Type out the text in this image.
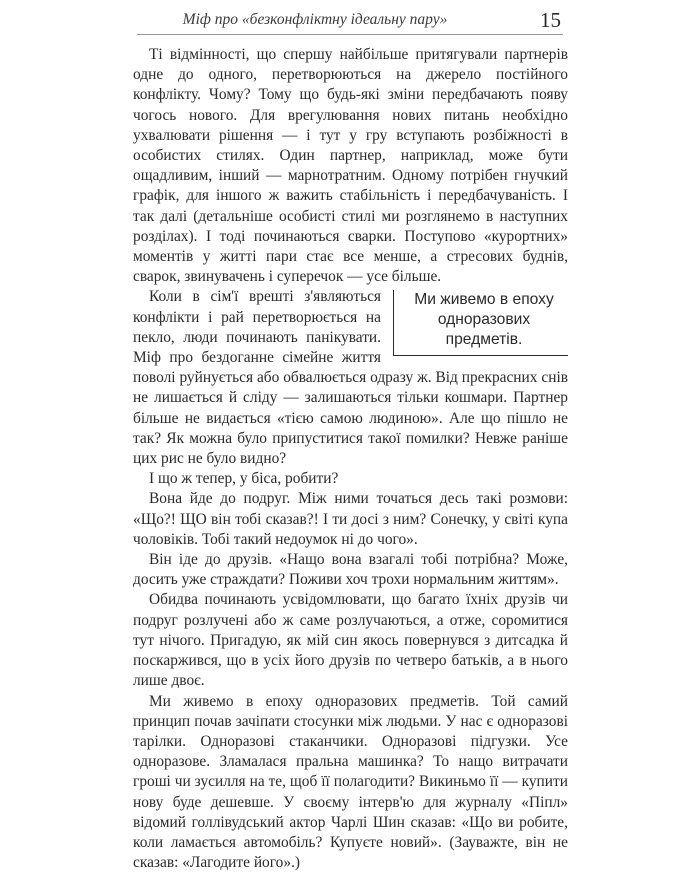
Міф про «безконфліктну ідеальну пару»	15

Ті відмінності, що спершу найбільше притягували партнерів одне до одного, перетворюються на джерело постійного конфлікту. Чому? Тому що будь-які зміни передбачають появу чогось нового. Для врегулювання нових питань необхідно ухвалювати рішення — і тут у гру вступають розбіжності в особистих стилях. Один партнер, наприклад, може бути ощадливим, інший — марнотратним. Одному потрібен гнучкий графік, для іншого ж важить стабільність і передбачуваність. І так далі (детальніше особисті стилі ми розглянемо в наступних розділах). І тоді починаються сварки. Поступово «курортних» моментів у житті пари стає все менше, а стресових буднів, сварок, звинувачень і суперечок — усе більше.

Ми живемо в епоху одноразових предметів.

Коли в сім'ї врешті з'являються конфлікти і рай перетворюється на пекло, люди починають панікувати. Міф про бездоганне сімейне життя поволі руйнується або обвалюється одразу ж. Від прекрасних снів не лишається й сліду — залишаються тільки кошмари. Партнер більше не видається «тією самою людиною». Але що пішло не так? Як можна було припуститися такої помилки? Невже раніше цих рис не було видно?

І що ж тепер, у біса, робити?

Вона йде до подруг. Між ними точаться десь такі розмови: «Що?! ЩО він тобі сказав?! І ти досі з ним? Сонечку, у світі купа чоловіків. Тобі такий недоумок ні до чого».

Він іде до друзів. «Нащо вона взагалі тобі потрібна? Може, досить уже страждати? Поживи хоч трохи нормальним життям».

Обидва починають усвідомлювати, що багато їхніх друзів чи подруг розлучені або ж саме розлучаються, а отже, соромитися тут нічого. Пригадую, як мій син якось повернувся з дитсадка й поскаржився, що в усіх його друзів по четверо батьків, а в нього лише двоє.

Ми живемо в епоху одноразових предметів. Той самий принцип почав зачіпати стосунки між людьми. У нас є одноразові тарілки. Одноразові стаканчики. Одноразові підгузки. Усе одноразове. Зламалася пральна машинка? То нащо витрачати гроші чи зусилля на те, щоб її полагодити? Викиньмо її — купити нову буде дешевше. У своєму інтерв'ю для журналу «Піпл» відомий голлівудський актор Чарлі Шин сказав: «Що ви робите, коли ламається автомобіль? Купуєте новий». (Зауважте, він не сказав: «Лагодите його».)
